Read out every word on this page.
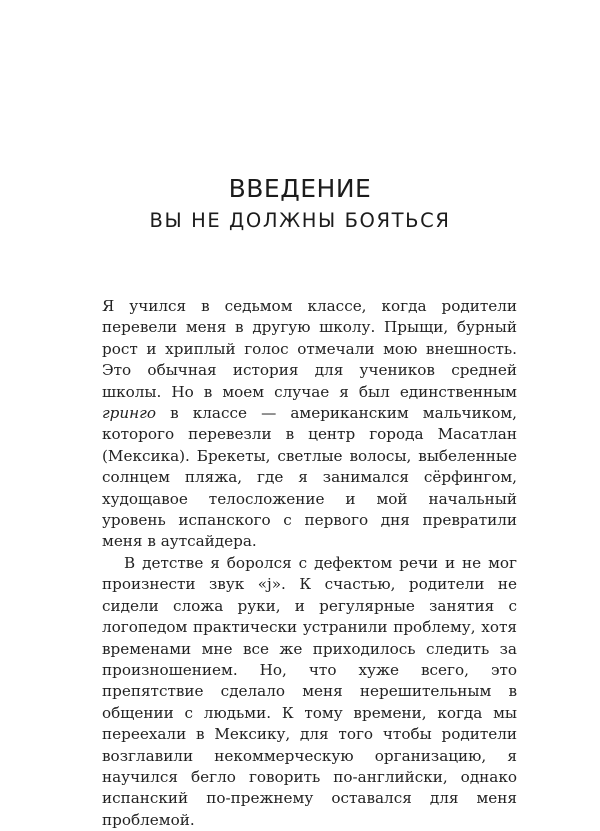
ВВЕДЕНИЕ
ВЫ НЕ ДОЛЖНЫ БОЯТЬСЯ

Я учился в седьмом классе, когда родители перевели меня в другую школу. Прыщи, бурный рост и хриплый голос отмечали мою внешность. Это обычная история для учеников средней школы. Но в моем случае я был единственным гринго в классе — американским мальчиком, которого перевезли в центр города Масатлан (Мексика). Брекеты, светлые волосы, выбеленные солнцем пляжа, где я занимался сёрфингом, худощавое телосложение и мой начальный уровень испанского с первого дня превратили меня в аутсайдера.

В детстве я боролся с дефектом речи и не мог произнести звук «j». К счастью, родители не сидели сложа руки, и регулярные занятия с логопедом практически устранили проблему, хотя временами мне все же приходилось следить за произношением. Но, что хуже всего, это препятствие сделало меня нерешительным в общении с людьми. К тому времени, когда мы переехали в Мексику, для того чтобы родители возглавили некоммерческую организацию, я научился бегло говорить по-английски, однако испанский по-прежнему оставался для меня проблемой.
